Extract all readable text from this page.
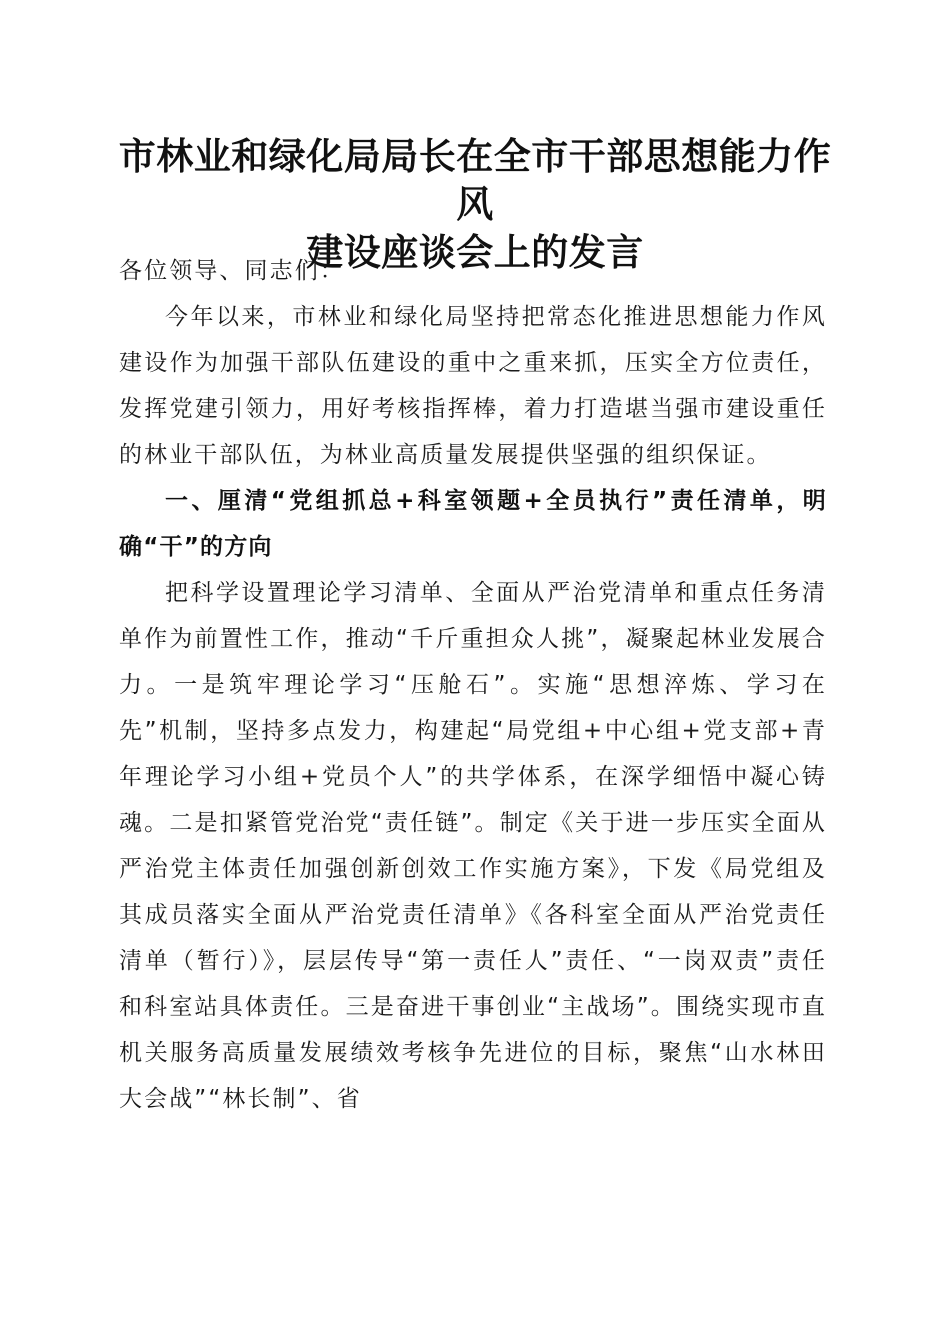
市林业和绿化局局长在全市干部思想能力作风
建设座谈会上的发言

各位领导、同志们：

今年以来，市林业和绿化局坚持把常态化推进思想能力作风建设作为加强干部队伍建设的重中之重来抓，压实全方位责任，发挥党建引领力，用好考核指挥棒，着力打造堪当强市建设重任的林业干部队伍，为林业高质量发展提供坚强的组织保证。

一、厘清“党组抓总+科室领题+全员执行”责任清单，明确“干”的方向

把科学设置理论学习清单、全面从严治党清单和重点任务清单作为前置性工作，推动“千斤重担众人挑”，凝聚起林业发展合力。一是筑牢理论学习“压舱石”。实施“思想淬炼、学习在先”机制，坚持多点发力，构建起“局党组+中心组+党支部+青年理论学习小组+党员个人”的共学体系，在深学细悟中凝心铸魂。二是扣紧管党治党“责任链”。制定《关于进一步压实全面从严治党主体责任加强创新创效工作实施方案》，下发《局党组及其成员落实全面从严治党责任清单》《各科室全面从严治党责任清单（暂行）》，层层传导“第一责任人”责任、“一岗双责”责任和科室站具体责任。三是奋进干事创业“主战场”。围绕实现市直机关服务高质量发展绩效考核争先进位的目标，聚焦“山水林田大会战”“林长制”、省
